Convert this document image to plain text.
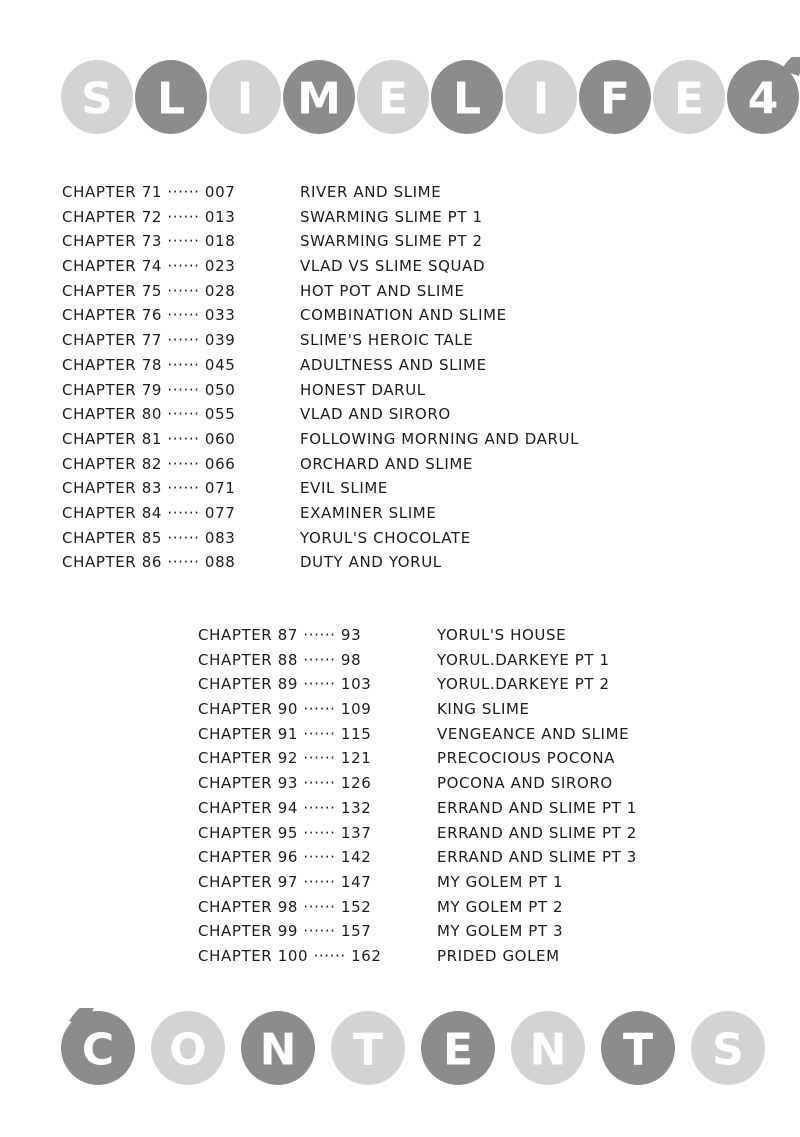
S L I M E L I F E 4
CHAPTER 71 ······ 007	RIVER AND SLIME
CHAPTER 72 ······ 013	SWARMING SLIME PT 1
CHAPTER 73 ······ 018	SWARMING SLIME PT 2
CHAPTER 74 ······ 023	VLAD VS SLIME SQUAD
CHAPTER 75 ······ 028	HOT POT AND SLIME
CHAPTER 76 ······ 033	COMBINATION AND SLIME
CHAPTER 77 ······ 039	SLIME'S HEROIC TALE
CHAPTER 78 ······ 045	ADULTNESS AND SLIME
CHAPTER 79 ······ 050	HONEST DARUL
CHAPTER 80 ······ 055	VLAD AND SIRORO
CHAPTER 81 ······ 060	FOLLOWING MORNING AND DARUL
CHAPTER 82 ······ 066	ORCHARD AND SLIME
CHAPTER 83 ······ 071	EVIL SLIME
CHAPTER 84 ······ 077	EXAMINER SLIME
CHAPTER 85 ······ 083	YORUL'S CHOCOLATE
CHAPTER 86 ······ 088	DUTY AND YORUL
CHAPTER 87 ······ 93	YORUL'S HOUSE
CHAPTER 88 ······ 98	YORUL.DARKEYE PT 1
CHAPTER 89 ······ 103	YORUL.DARKEYE PT 2
CHAPTER 90 ······ 109	KING SLIME
CHAPTER 91 ······ 115	VENGEANCE AND SLIME
CHAPTER 92 ······ 121	PRECOCIOUS POCONA
CHAPTER 93 ······ 126	POCONA AND SIRORO
CHAPTER 94 ······ 132	ERRAND AND SLIME PT 1
CHAPTER 95 ······ 137	ERRAND AND SLIME PT 2
CHAPTER 96 ······ 142	ERRAND AND SLIME PT 3
CHAPTER 97 ······ 147	MY GOLEM PT 1
CHAPTER 98 ······ 152	MY GOLEM PT 2
CHAPTER 99 ······ 157	MY GOLEM PT 3
CHAPTER 100 ······ 162	PRIDED GOLEM
C O N T E N T S
